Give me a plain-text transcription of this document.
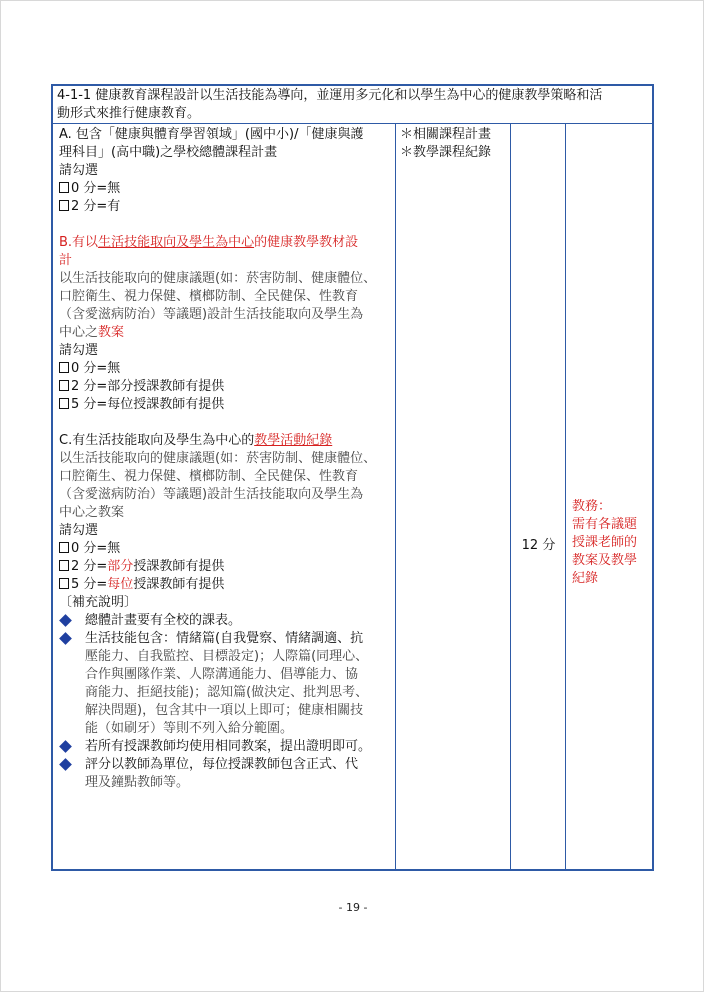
4-1-1 健康教育課程設計以生活技能為導向，並運用多元化和以學生為中心的健康教學策略和活
動形式來推行健康教育。
A. 包含「健康與體育學習領域」(國中小)/「健康與護
理科目」(高中職)之學校總體課程計畫
請勾選
0 分=無
2 分=有
B.有以生活技能取向及學生為中心的健康教學教材設
計
以生活技能取向的健康議題(如：菸害防制、健康體位、
口腔衛生、視力保健、檳榔防制、全民健保、性教育
（含愛滋病防治）等議題)設計生活技能取向及學生為
中心之教案
請勾選
0 分=無
2 分=部分授課教師有提供
5 分=每位授課教師有提供
C.有生活技能取向及學生為中心的教學活動紀錄
以生活技能取向的健康議題(如：菸害防制、健康體位、
口腔衛生、視力保健、檳榔防制、全民健保、性教育
（含愛滋病防治）等議題)設計生活技能取向及學生為
中心之教案
請勾選
0 分=無
2 分=部分授課教師有提供
5 分=每位授課教師有提供
〔補充說明〕
總體計畫要有全校的課表。
生活技能包含：情緒篇(自我覺察、情緒調適、抗
壓能力、自我監控、目標設定)；人際篇(同理心、
合作與團隊作業、人際溝通能力、倡導能力、協
商能力、拒絕技能)；認知篇(做決定、批判思考、
解決問題)，包含其中一項以上即可；健康相關技
能（如刷牙）等則不列入給分範圍。
若所有授課教師均使用相同教案，提出證明即可。
評分以教師為單位，每位授課教師包含正式、代
理及鐘點教師等。
＊相關課程計畫
＊教學課程紀錄
12 分
教務：
需有各議題
授課老師的
教案及教學
紀錄
- 19 -
